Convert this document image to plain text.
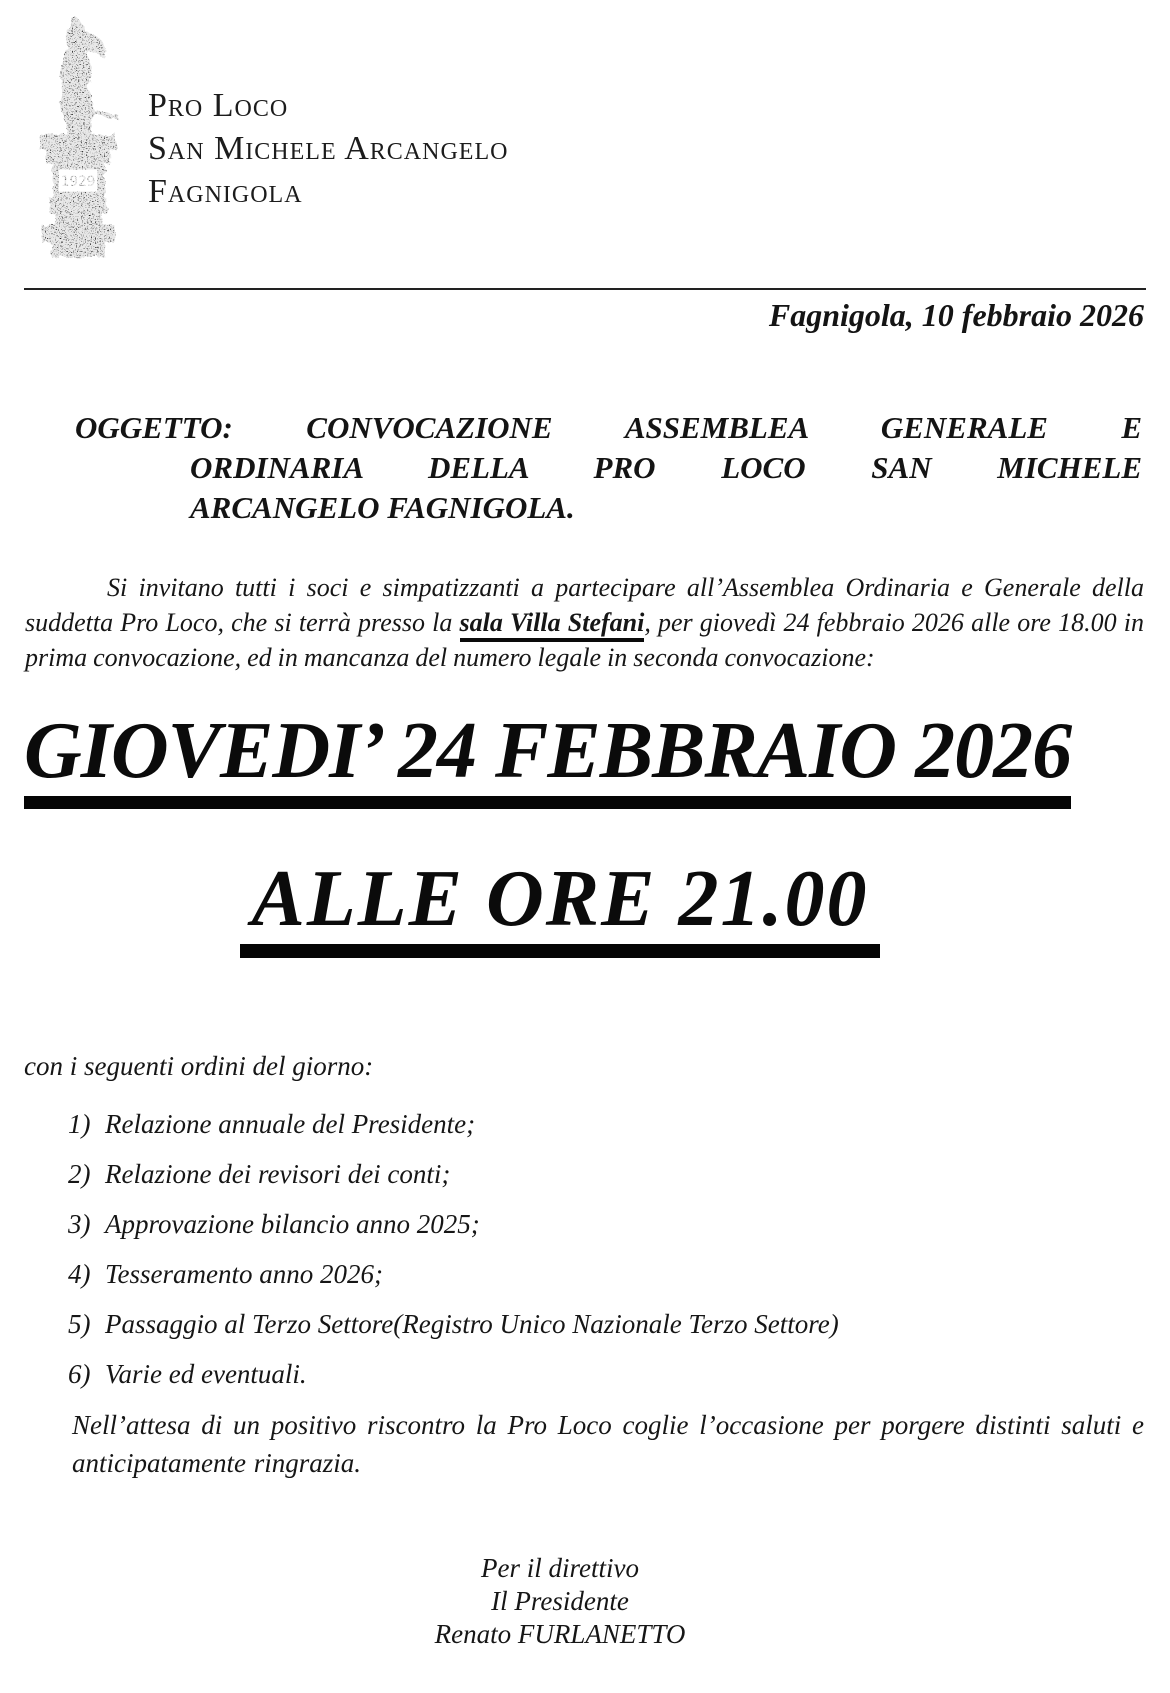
Pro Loco
San Michele Arcangelo
Fagnigola
Fagnigola, 10 febbraio 2026

OGGETTO: CONVOCAZIONE ASSEMBLEA GENERALE E
ORDINARIA DELLA PRO LOCO SAN MICHELE
ARCANGELO FAGNIGOLA.

Si invitano tutti i soci e simpatizzanti a partecipare all’Assemblea Ordinaria e Generale della suddetta Pro Loco, che si terrà presso la sala Villa Stefani, per giovedì 24 febbraio 2026 alle ore 18.00 in prima convocazione, ed in mancanza del numero legale in seconda convocazione:

GIOVEDI’ 24 FEBBRAIO 2026
ALLE ORE 21.00
con i seguenti ordini del giorno:
1) Relazione annuale del Presidente;
2) Relazione dei revisori dei conti;
3) Approvazione bilancio anno 2025;
4) Tesseramento anno 2026;
5) Passaggio al Terzo Settore(Registro Unico Nazionale Terzo Settore)
6) Varie ed eventuali.

Nell’attesa di un positivo riscontro la Pro Loco coglie l’occasione per porgere distinti saluti e anticipatamente ringrazia.

Per il direttivo
Il Presidente
Renato FURLANETTO
